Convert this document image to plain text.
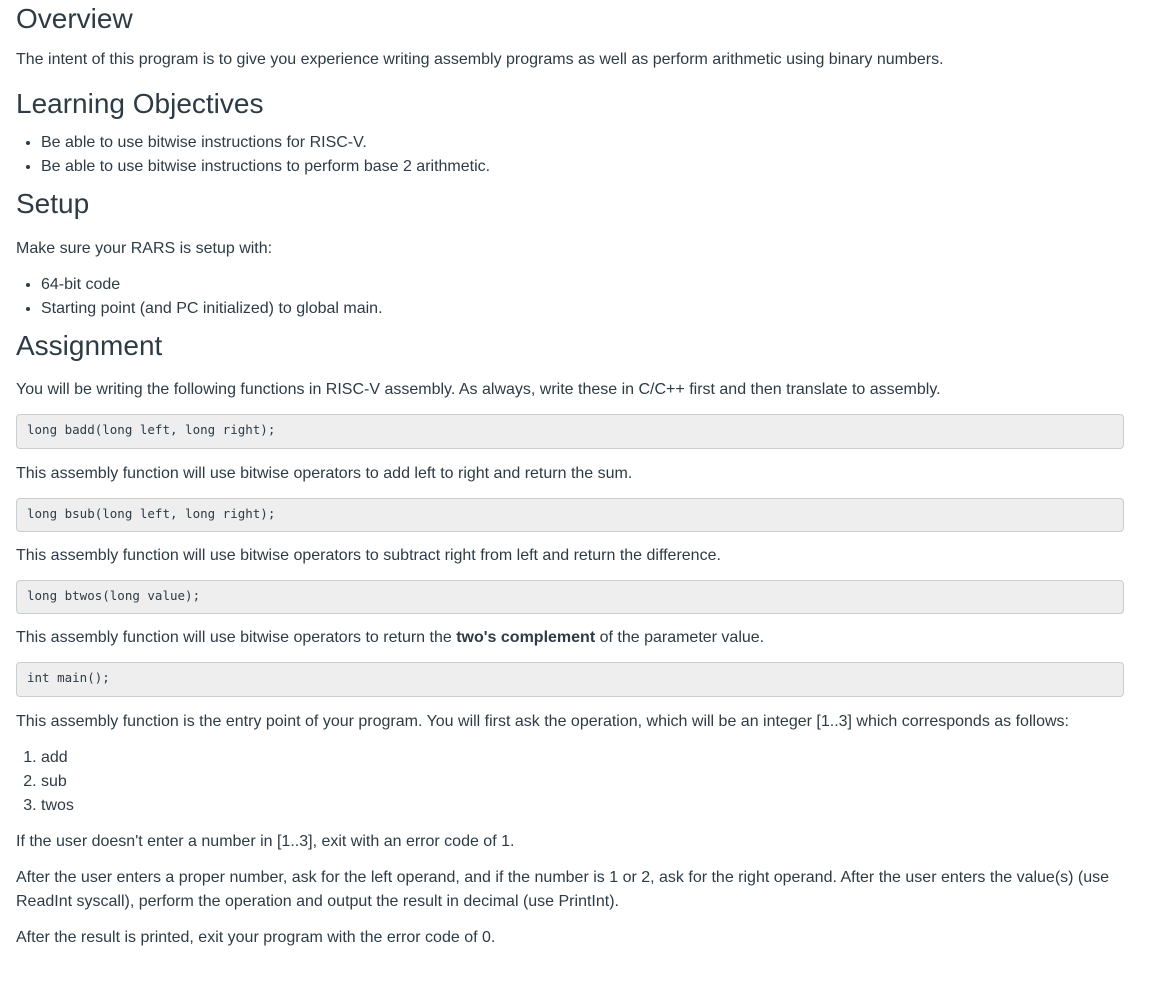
Overview

The intent of this program is to give you experience writing assembly programs as well as perform arithmetic using binary numbers.

Learning Objectives
• Be able to use bitwise instructions for RISC-V.
• Be able to use bitwise instructions to perform base 2 arithmetic.
Setup

Make sure your RARS is setup with:

• 64-bit code
• Starting point (and PC initialized) to global main.
Assignment

You will be writing the following functions in RISC-V assembly. As always, write these in C/C++ first and then translate to assembly.

long badd(long left, long right);

This assembly function will use bitwise operators to add left to right and return the sum.

long bsub(long left, long right);

This assembly function will use bitwise operators to subtract right from left and return the difference.

long btwos(long value);

This assembly function will use bitwise operators to return the two's complement of the parameter value.

int main();

This assembly function is the entry point of your program. You will first ask the operation, which will be an integer [1..3] which corresponds as follows:

1. add
2. sub
3. twos

If the user doesn't enter a number in [1..3], exit with an error code of 1.

After the user enters a proper number, ask for the left operand, and if the number is 1 or 2, ask for the right operand. After the user enters the value(s) (use ReadInt syscall), perform the operation and output the result in decimal (use PrintInt).

After the result is printed, exit your program with the error code of 0.
